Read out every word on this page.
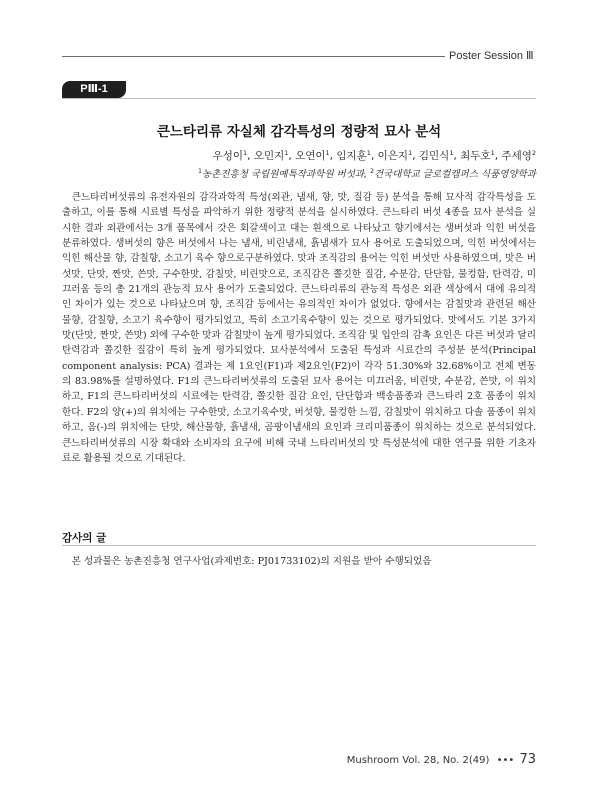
Poster Session Ⅲ
PⅢ-1
큰느타리류 자실체 감각특성의 정량적 묘사 분석
우성이$^1$, 오민지$^1$, 오연이$^1$, 임지훈$^1$, 이은지$^1$, 김민식$^1$, 최두호$^1$, 주세영$^2$
$^1$농촌진흥청 국립원예특작과학원 버섯과, $^2$건국대학교 글로컬캠퍼스 식품영양학과

큰느타리버섯류의 유전자원의 감각과학적 특성(외관, 냄새, 향, 맛, 질감 등) 분석을 통해 묘사적 감각특성을 도출하고, 이를 통해 시료별 특성을 파악하기 위한 정량적 분석을 실시하였다. 큰느타리 버섯 4종을 묘사 분석을 실시한 결과 외관에서는 3개 품목에서 갓은 회갈색이고 대는 흰색으로 나타났고 향기에서는 생버섯과 익힌 버섯을 분류하였다. 생버섯의 향은 버섯에서 나는 냄새, 비린냄새, 흙냄새가 묘사 용어로 도출되었으며, 익힌 버섯에서는 익힌 해산물 향, 감칠향, 소고기 육수 향으로구분하였다. 맛과 조직감의 용어는 익힌 버섯만 사용하였으며, 맛은 버섯맛, 단맛, 짠맛, 쓴맛, 구수한맛, 감칠맛, 비린맛으로, 조직감은 쫄깃한 질감, 수분감, 단단함, 물컹함, 탄력감, 미끄러움 등의 총 21개의 관능적 묘사 용어가 도출되었다. 큰느타리류의 관능적 특성은 외관 색상에서 대에 유의적인 차이가 있는 것으로 나타났으며 향, 조직감 등에서는 유의적인 차이가 없었다. 향에서는 감칠맛과 관련된 해산물향, 감칠향, 소고기 육수향이 평가되었고, 특히 소고기육수향이 있는 것으로 평가되었다. 맛에서도 기본 3가지 맛(단맛, 짠맛, 쓴맛) 외에 구수한 맛과 감칠맛이 높게 평가되었다. 조직감 및 입안의 감촉 요인은 다른 버섯과 달리 탄력감과 쫄깃한 질감이 특히 높게 평가되었다. 묘사분석에서 도출된 특성과 시료간의 주성분 분석(Principal component analysis: PCA) 결과는 제 1요인(F1)과 제2요인(F2)이 각각 51.30%와 32.68%이고 전체 변동의 83.98%를 설명하였다. F1의 큰느타리버섯류의 도출된 묘사 용어는 미끄러움, 비린맛, 수분감, 쓴맛, 이 위치하고, F1의 큰느타리버섯의 시료에는 탄력감, 쫄깃한 질감 요인, 단단함과 백송품종과 큰느타리 2호 품종이 위치한다. F2의 양(+)의 위치에는 구수한맛, 소고기육수맛, 버섯향, 물컹한 느낌, 감칠맛이 위치하고 다솔 품종이 위치하고, 음(-)의 위치에는 단맛, 해산물향, 흙냄새, 곰팡이냄새의 요인과 크리미품종이 위치하는 것으로 분석되었다. 큰느타리버섯류의 시장 확대와 소비자의 요구에 비해 국내 느타리버섯의 맛 특성분석에 대한 연구를 위한 기초자료로 활용될 것으로 기대된다.

감사의 글

본 성과물은 농촌진흥청 연구사업(과제번호: PJ01733102)의 지원을 받아 수행되었음

Mushroom Vol. 28, No. 2(49) ••• 73
